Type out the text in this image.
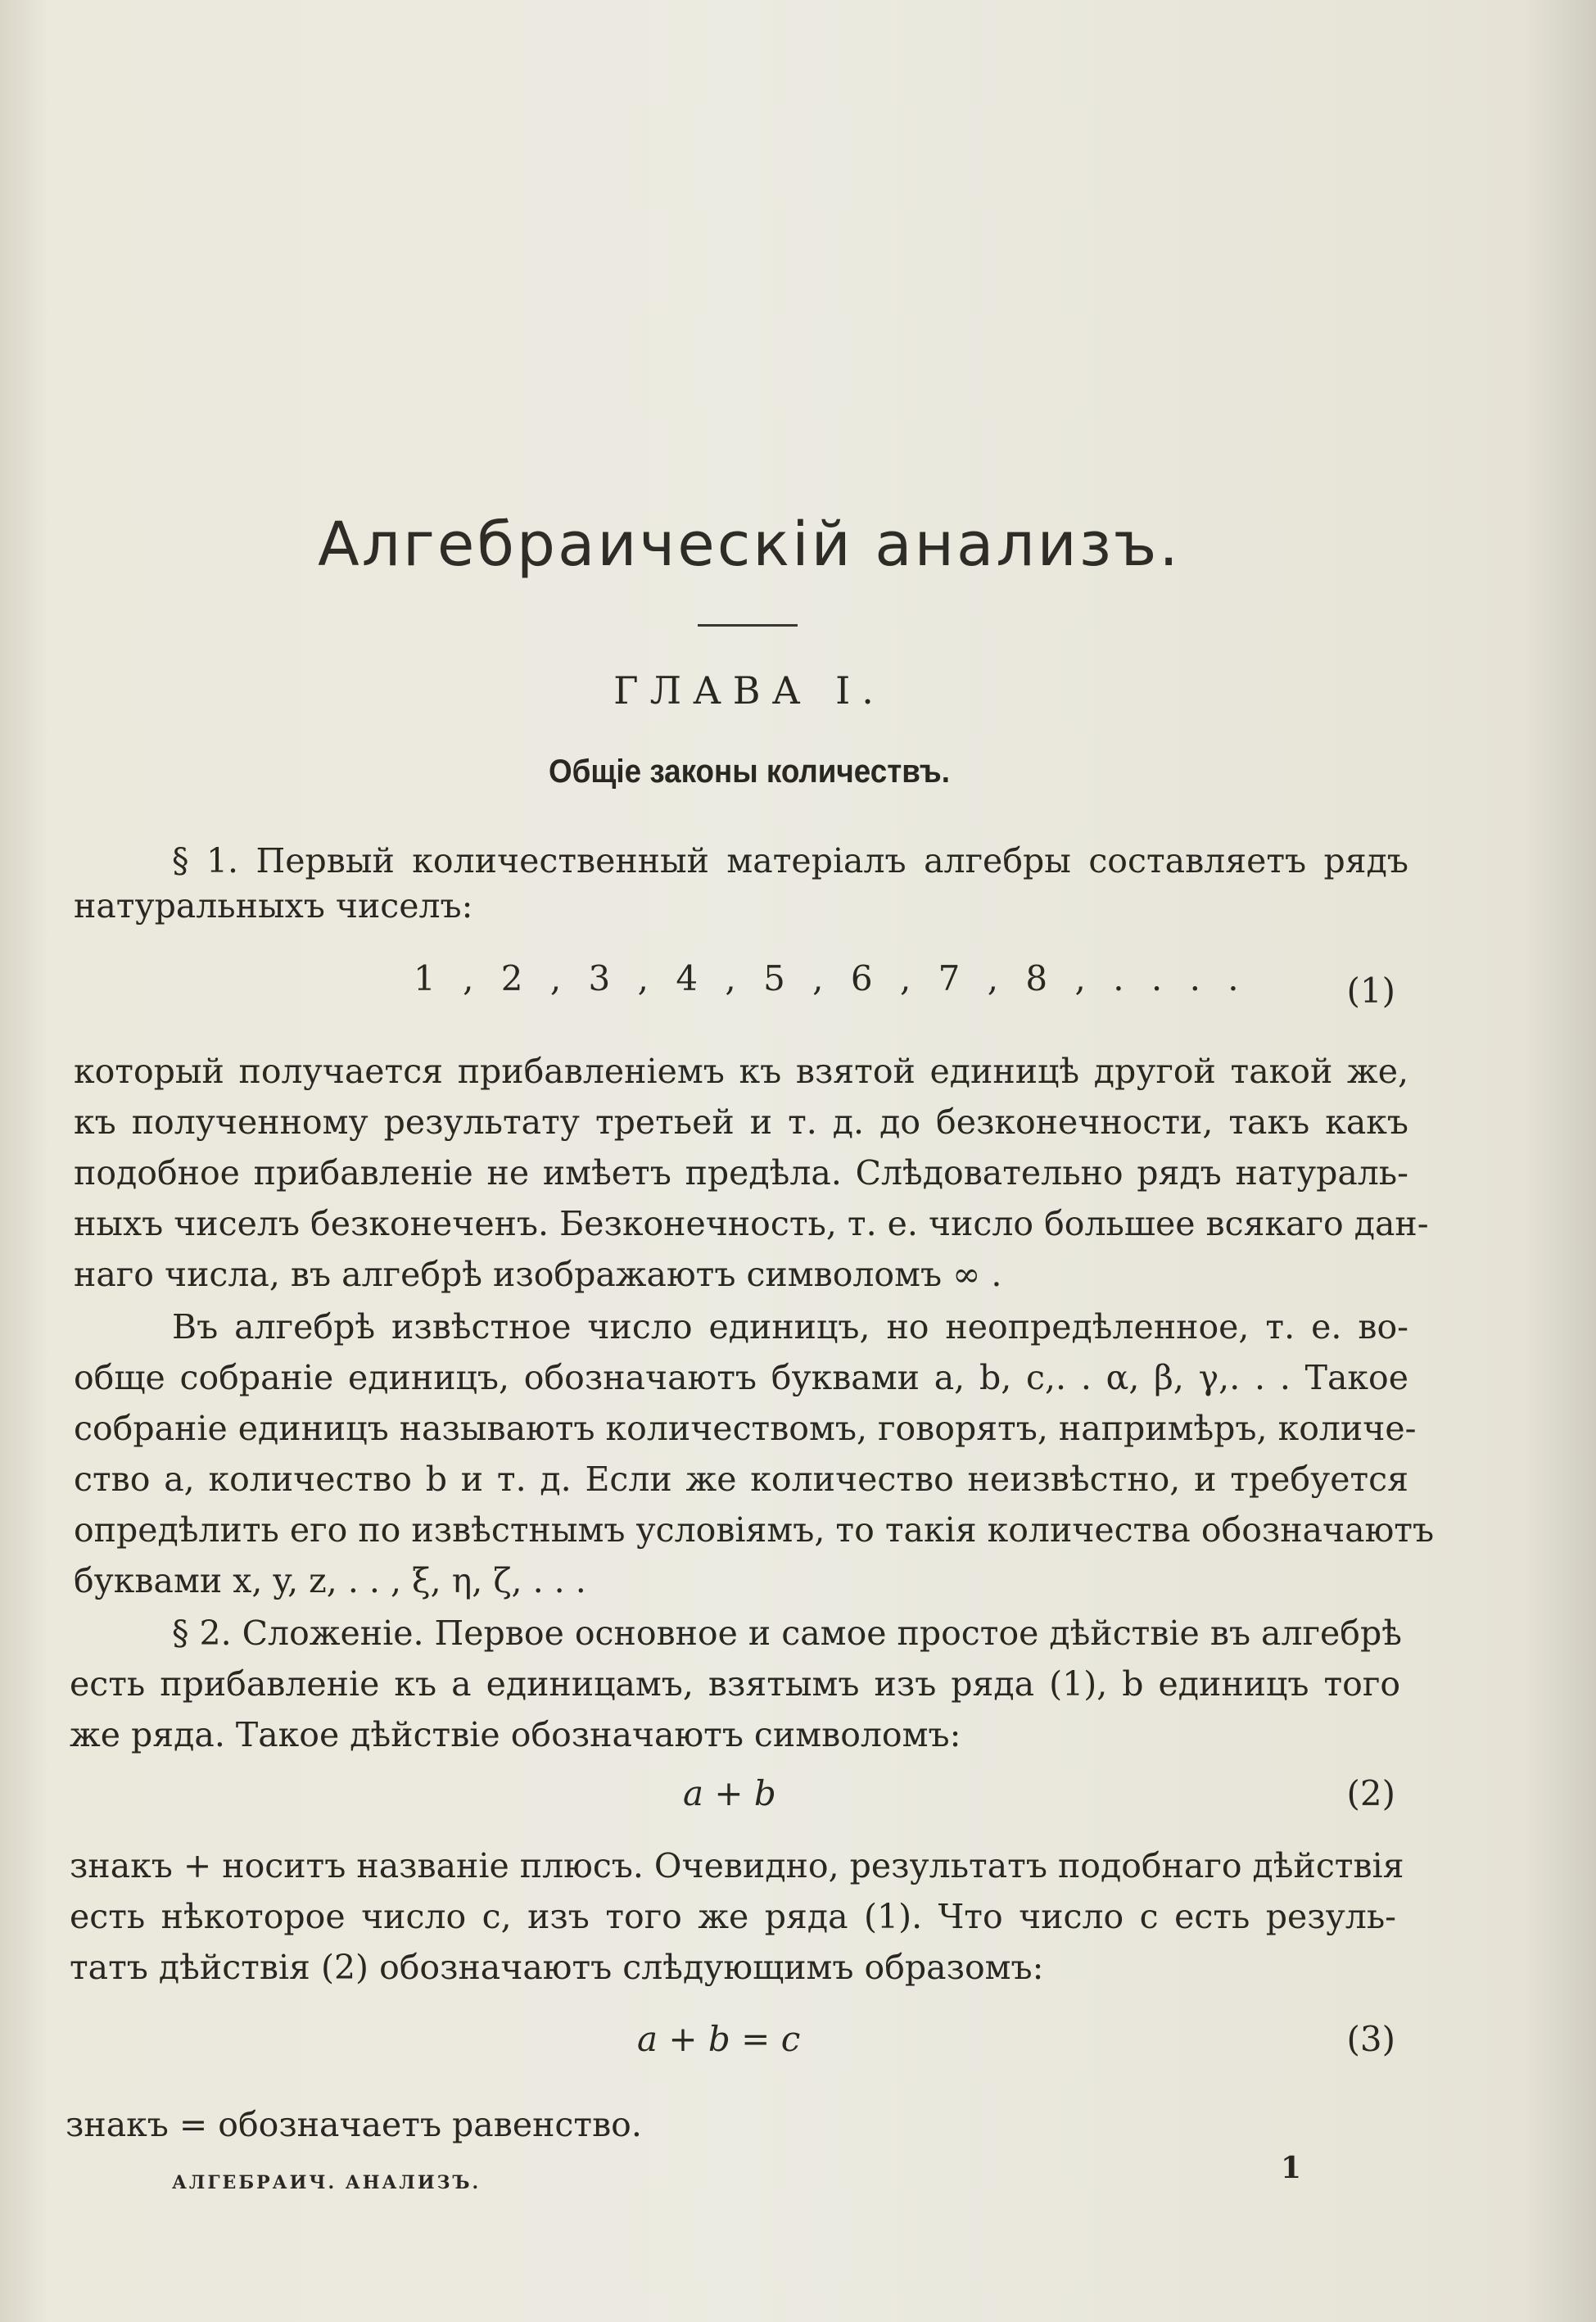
Алгебраическій анализъ.
ГЛАВА I.
Общіе законы количествъ.
§ 1. Первый количественный матеріалъ алгебры составляетъ рядъ
натуральныхъ чиселъ:
1 , 2 , 3 , 4 , 5 , 6 , 7 , 8 , . . . .	(1)
который получается прибавленіемъ къ взятой единицѣ другой такой же,
къ полученному результату третьей и т. д. до безконечности, такъ какъ
подобное прибавленіе не имѣетъ предѣла. Слѣдовательно рядъ натураль-
ныхъ чиселъ безконеченъ. Безконечность, т. е. число большее всякаго дан-
наго числа, въ алгебрѣ изображаютъ символомъ ∞ .
Въ алгебрѣ извѣстное число единицъ, но неопредѣленное, т. е. во-
обще собраніе единицъ, обозначаютъ буквами a, b, c,. . α, β, γ,. . . Такое
собраніе единицъ называютъ количествомъ, говорятъ, напримѣръ, количе-
ство a, количество b и т. д. Если же количество неизвѣстно, и требуется
опредѣлить его по извѣстнымъ условіямъ, то такія количества обозначаютъ
буквами x, y, z, . . , ξ, η, ζ, . . .
§ 2. Сложеніе. Первое основное и самое простое дѣйствіе въ алгебрѣ
есть прибавленіе къ a единицамъ, взятымъ изъ ряда (1), b единицъ того
же ряда. Такое дѣйствіе обозначаютъ символомъ:
a + b	(2)
знакъ + носитъ названіе плюсъ. Очевидно, результатъ подобнаго дѣйствія
есть нѣкоторое число c, изъ того же ряда (1). Что число c есть резуль-
татъ дѣйствія (2) обозначаютъ слѣдующимъ образомъ:
a + b = c	(3)
знакъ = обозначаетъ равенство.
АЛГЕБРАИЧ. АНАЛИЗЪ.	1
